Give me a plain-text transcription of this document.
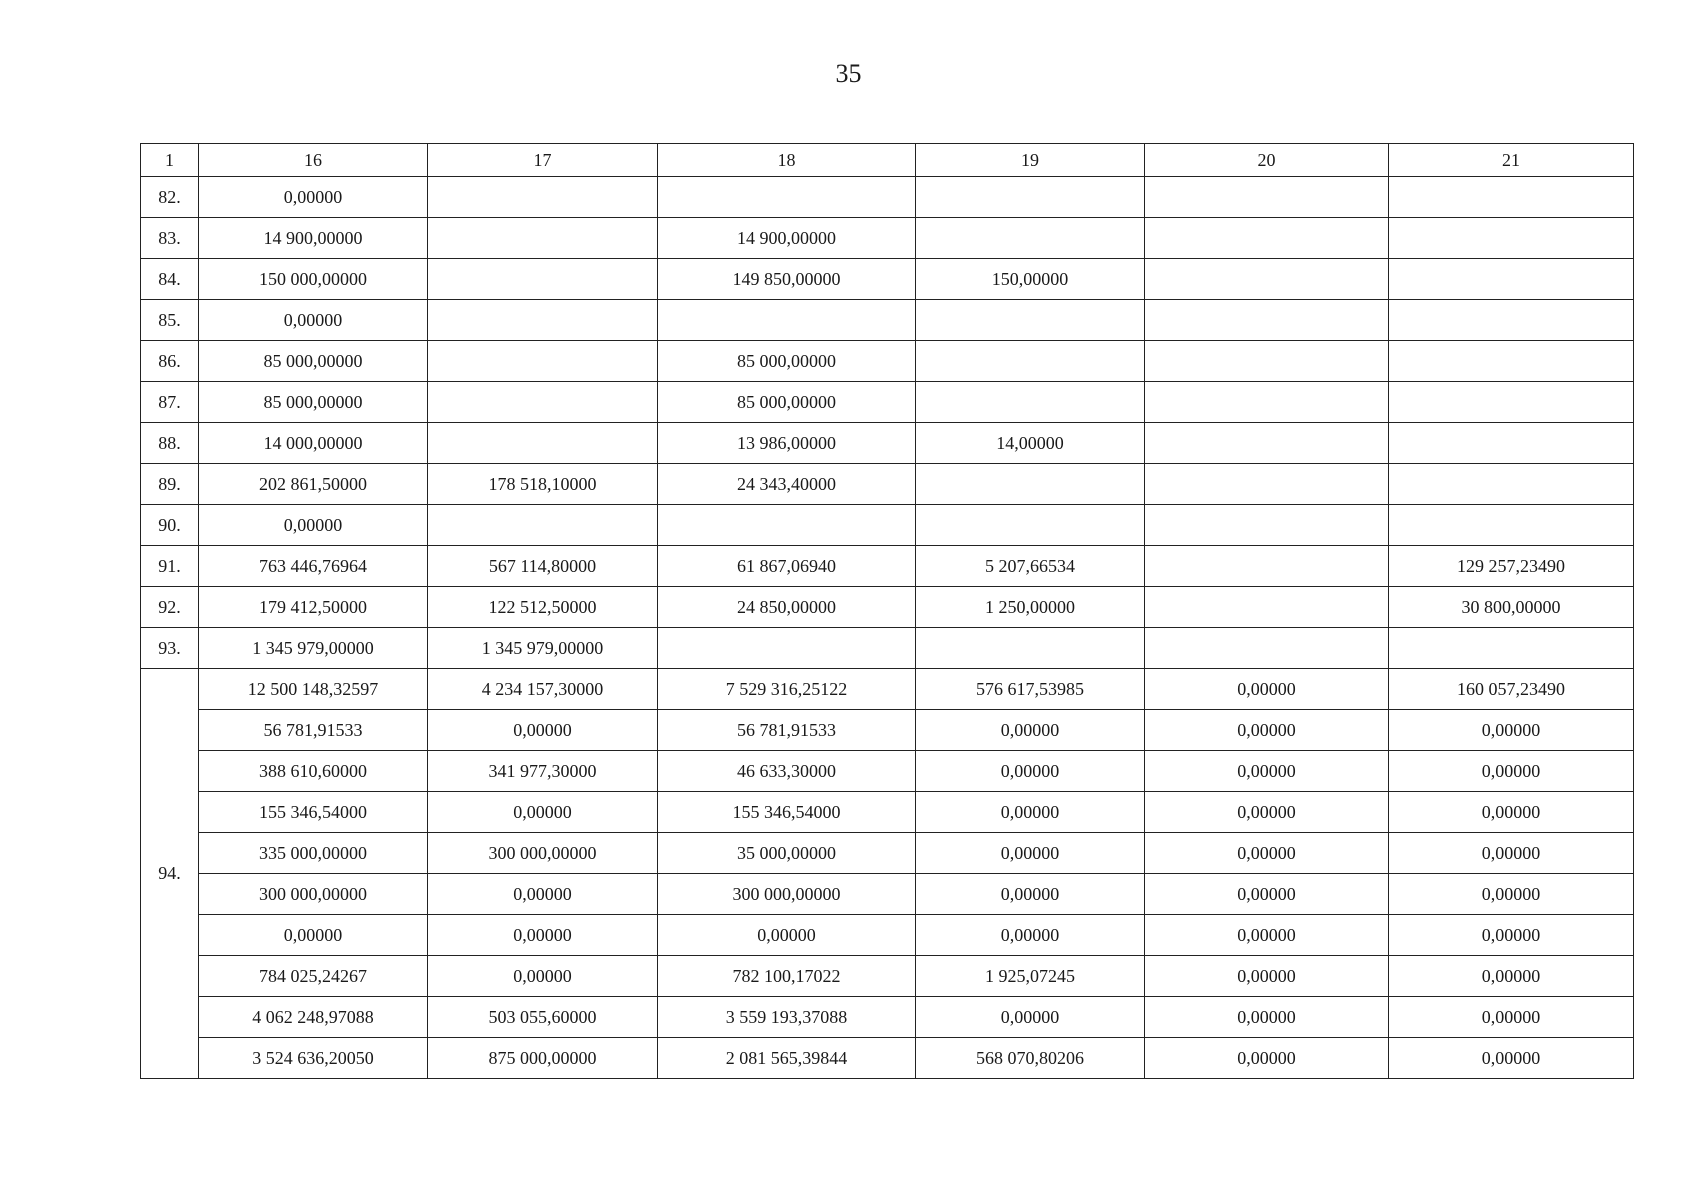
35
1	16	17	18	19	20	21
82.	0,00000					
83.	14 900,00000		14 900,00000			
84.	150 000,00000		149 850,00000	150,00000		
85.	0,00000					
86.	85 000,00000		85 000,00000			
87.	85 000,00000		85 000,00000			
88.	14 000,00000		13 986,00000	14,00000		
89.	202 861,50000	178 518,10000	24 343,40000			
90.	0,00000					
91.	763 446,76964	567 114,80000	61 867,06940	5 207,66534		129 257,23490
92.	179 412,50000	122 512,50000	24 850,00000	1 250,00000		30 800,00000
93.	1 345 979,00000	1 345 979,00000				
94.	12 500 148,32597	4 234 157,30000	7 529 316,25122	576 617,53985	0,00000	160 057,23490
	56 781,91533	0,00000	56 781,91533	0,00000	0,00000	0,00000
	388 610,60000	341 977,30000	46 633,30000	0,00000	0,00000	0,00000
	155 346,54000	0,00000	155 346,54000	0,00000	0,00000	0,00000
	335 000,00000	300 000,00000	35 000,00000	0,00000	0,00000	0,00000
	300 000,00000	0,00000	300 000,00000	0,00000	0,00000	0,00000
	0,00000	0,00000	0,00000	0,00000	0,00000	0,00000
	784 025,24267	0,00000	782 100,17022	1 925,07245	0,00000	0,00000
	4 062 248,97088	503 055,60000	3 559 193,37088	0,00000	0,00000	0,00000
	3 524 636,20050	875 000,00000	2 081 565,39844	568 070,80206	0,00000	0,00000
